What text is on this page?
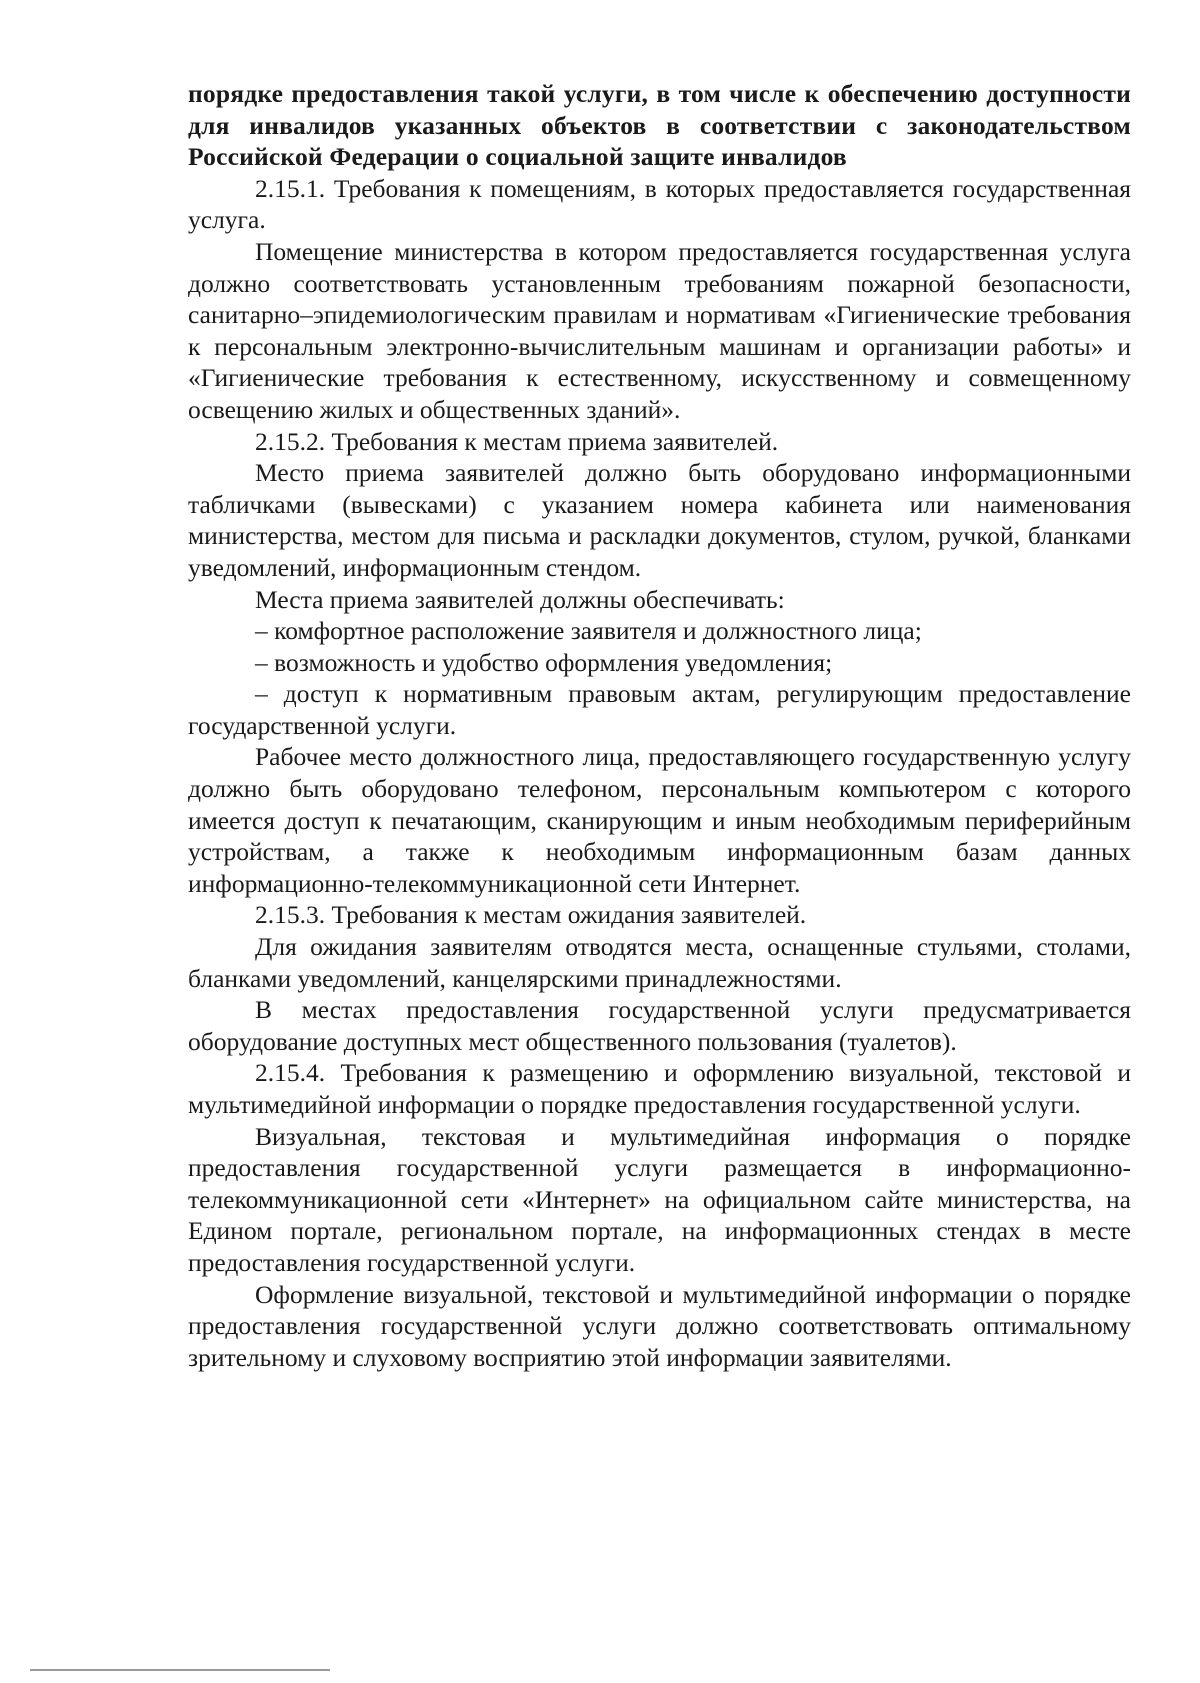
порядке предоставления такой услуги, в том числе к обеспечению доступности для инвалидов указанных объектов в соответствии с законодательством Российской Федерации о социальной защите инвалидов

2.15.1. Требования к помещениям, в которых предоставляется государственная услуга.

Помещение министерства в котором предоставляется государственная услуга должно соответствовать установленным требованиям пожарной безопасности, санитарно–эпидемиологическим правилам и нормативам «Гигиенические требования к персональным электронно-вычислительным машинам и организации работы» и «Гигиенические требования к естественному, искусственному и совмещенному освещению жилых и общественных зданий».

2.15.2. Требования к местам приема заявителей.

Место приема заявителей должно быть оборудовано информационными табличками (вывесками) с указанием номера кабинета или наименования министерства, местом для письма и раскладки документов, стулом, ручкой, бланками уведомлений, информационным стендом.

Места приема заявителей должны обеспечивать:

– комфортное расположение заявителя и должностного лица;

– возможность и удобство оформления уведомления;

– доступ к нормативным правовым актам, регулирующим предоставление государственной услуги.

Рабочее место должностного лица, предоставляющего государственную услугу должно быть оборудовано телефоном, персональным компьютером с которого имеется доступ к печатающим, сканирующим и иным необходимым периферийным устройствам, а также к необходимым информационным базам данных информационно-телекоммуникационной сети Интернет.

2.15.3. Требования к местам ожидания заявителей.

Для ожидания заявителям отводятся места, оснащенные стульями, столами, бланками уведомлений, канцелярскими принадлежностями.

В местах предоставления государственной услуги предусматривается оборудование доступных мест общественного пользования (туалетов).

2.15.4. Требования к размещению и оформлению визуальной, текстовой и мультимедийной информации о порядке предоставления государственной услуги.

Визуальная, текстовая и мультимедийная информация о порядке предоставления государственной услуги размещается в информационно-телекоммуникационной сети «Интернет» на официальном сайте министерства, на Едином портале, региональном портале, на информационных стендах в месте предоставления государственной услуги.

Оформление визуальной, текстовой и мультимедийной информации о порядке предоставления государственной услуги должно соответствовать оптимальному зрительному и слуховому восприятию этой информации заявителями.
